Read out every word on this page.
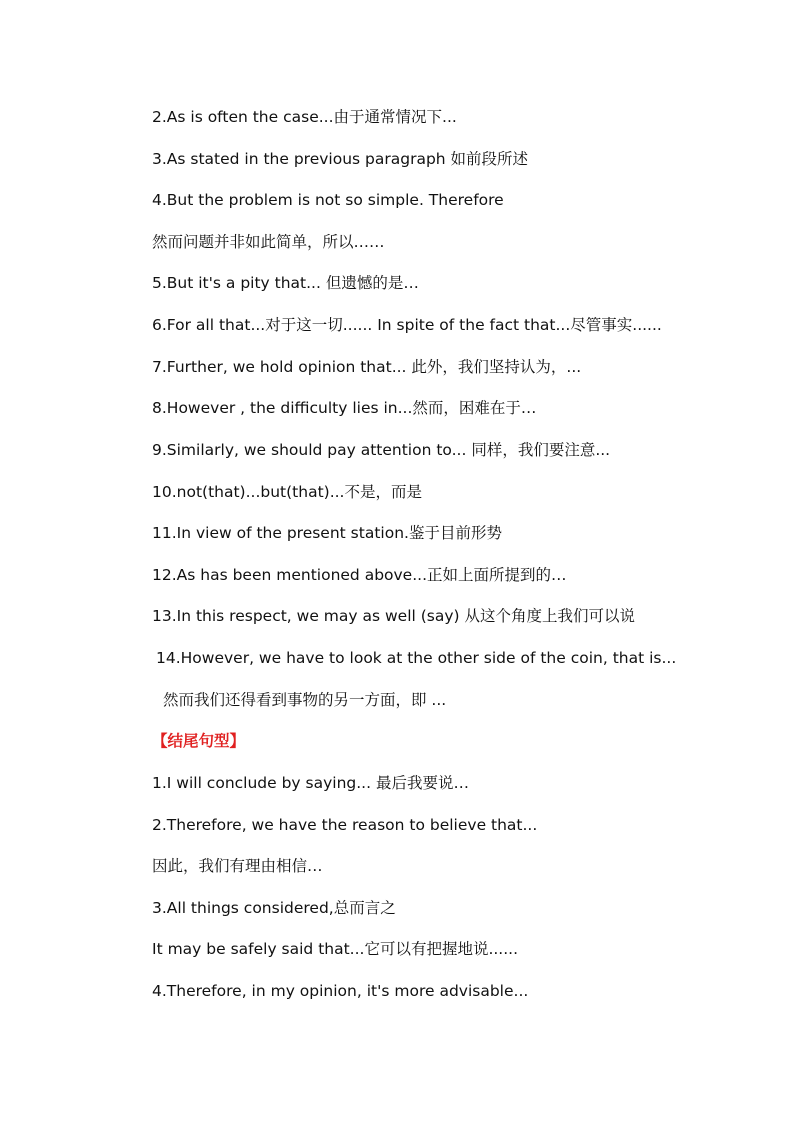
2.As is often the case...由于通常情况下...
3.As stated in the previous paragraph 如前段所述
4.But the problem is not so simple. Therefore
然而问题并非如此简单，所以……
5.But it's a pity that... 但遗憾的是…
6.For all that...对于这一切...... In spite of the fact that...尽管事实......
7.Further, we hold opinion that... 此外，我们坚持认为，...
8.However , the difficulty lies in...然而，困难在于…
9.Similarly, we should pay attention to... 同样，我们要注意...
10.not(that)...but(that)...不是，而是
11.In view of the present station.鉴于目前形势
12.As has been mentioned above...正如上面所提到的…
13.In this respect, we may as well (say) 从这个角度上我们可以说
14.However, we have to look at the other side of the coin, that is...
然而我们还得看到事物的另一方面，即 ...
【结尾句型】
1.I will conclude by saying... 最后我要说…
2.Therefore, we have the reason to believe that...
因此，我们有理由相信…
3.All things considered,总而言之
It may be safely said that...它可以有把握地说......
4.Therefore, in my opinion, it's more advisable...
